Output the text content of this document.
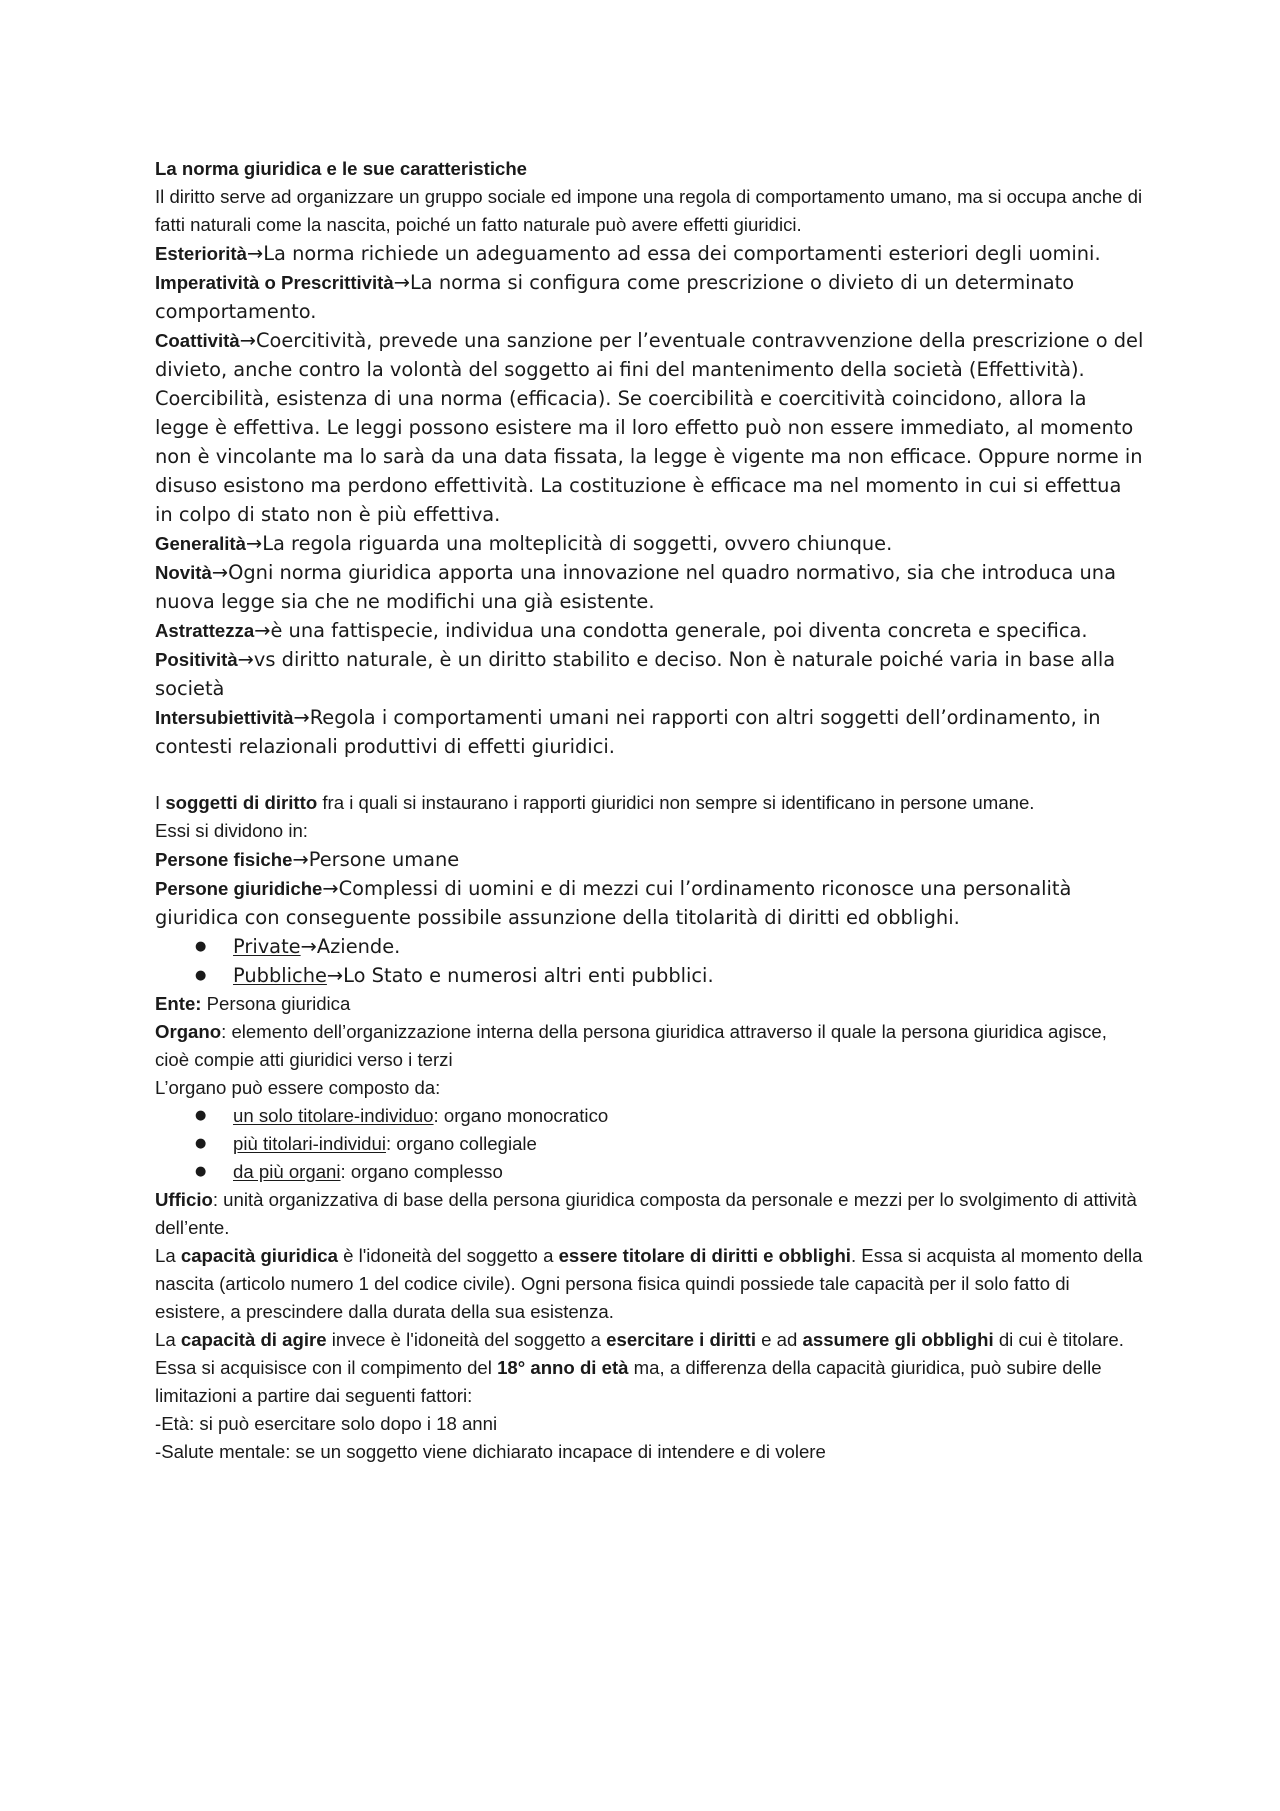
La norma giuridica e le sue caratteristiche

Il diritto serve ad organizzare un gruppo sociale ed impone una regola di comportamento umano, ma si occupa anche di fatti naturali come la nascita, poiché un fatto naturale può avere effetti giuridici.

Esteriorità→La norma richiede un adeguamento ad essa dei comportamenti esteriori degli uomini.

Imperatività o Prescrittività→La norma si configura come prescrizione o divieto di un determinato comportamento.

Coattività→Coercitività, prevede una sanzione per l’eventuale contravvenzione della prescrizione o del divieto, anche contro la volontà del soggetto ai fini del mantenimento della società (Effettività). Coercibilità, esistenza di una norma (efficacia). Se coercibilità e coercitività coincidono, allora la legge è effettiva. Le leggi possono esistere ma il loro effetto può non essere immediato, al momento non è vincolante ma lo sarà da una data fissata, la legge è vigente ma non efficace. Oppure norme in disuso esistono ma perdono effettività. La costituzione è efficace ma nel momento in cui si effettua in colpo di stato non è più effettiva.

Generalità→La regola riguarda una molteplicità di soggetti, ovvero chiunque.

Novità→Ogni norma giuridica apporta una innovazione nel quadro normativo, sia che introduca una nuova legge sia che ne modifichi una già esistente.

Astrattezza→è una fattispecie, individua una condotta generale, poi diventa concreta e specifica.

Positività→vs diritto naturale, è un diritto stabilito e deciso. Non è naturale poiché varia in base alla società

Intersubiettività→Regola i comportamenti umani nei rapporti con altri soggetti dell’ordinamento, in contesti relazionali produttivi di effetti giuridici.

I soggetti di diritto fra i quali si instaurano i rapporti giuridici non sempre si identificano in persone umane.

Essi si dividono in:

Persone fisiche→Persone umane

Persone giuridiche→Complessi di uomini e di mezzi cui l’ordinamento riconosce una personalità giuridica con conseguente possibile assunzione della titolarità di diritti ed obblighi.

● Private→Aziende.
● Pubbliche→Lo Stato e numerosi altri enti pubblici.

Ente: Persona giuridica

Organo: elemento dell’organizzazione interna della persona giuridica attraverso il quale la persona giuridica agisce, cioè compie atti giuridici verso i terzi

L’organo può essere composto da:

● un solo titolare-individuo: organo monocratico
● più titolari-individui: organo collegiale
● da più organi: organo complesso

Ufficio: unità organizzativa di base della persona giuridica composta da personale e mezzi per lo svolgimento di attività dell’ente.

La capacità giuridica è l'idoneità del soggetto a essere titolare di diritti e obblighi. Essa si acquista al momento della nascita (articolo numero 1 del codice civile). Ogni persona fisica quindi possiede tale capacità per il solo fatto di esistere, a prescindere dalla durata della sua esistenza.

La capacità di agire invece è l'idoneità del soggetto a esercitare i diritti e ad assumere gli obblighi di cui è titolare. Essa si acquisisce con il compimento del 18° anno di età ma, a differenza della capacità giuridica, può subire delle limitazioni a partire dai seguenti fattori:

-Età: si può esercitare solo dopo i 18 anni

-Salute mentale: se un soggetto viene dichiarato incapace di intendere e di volere
